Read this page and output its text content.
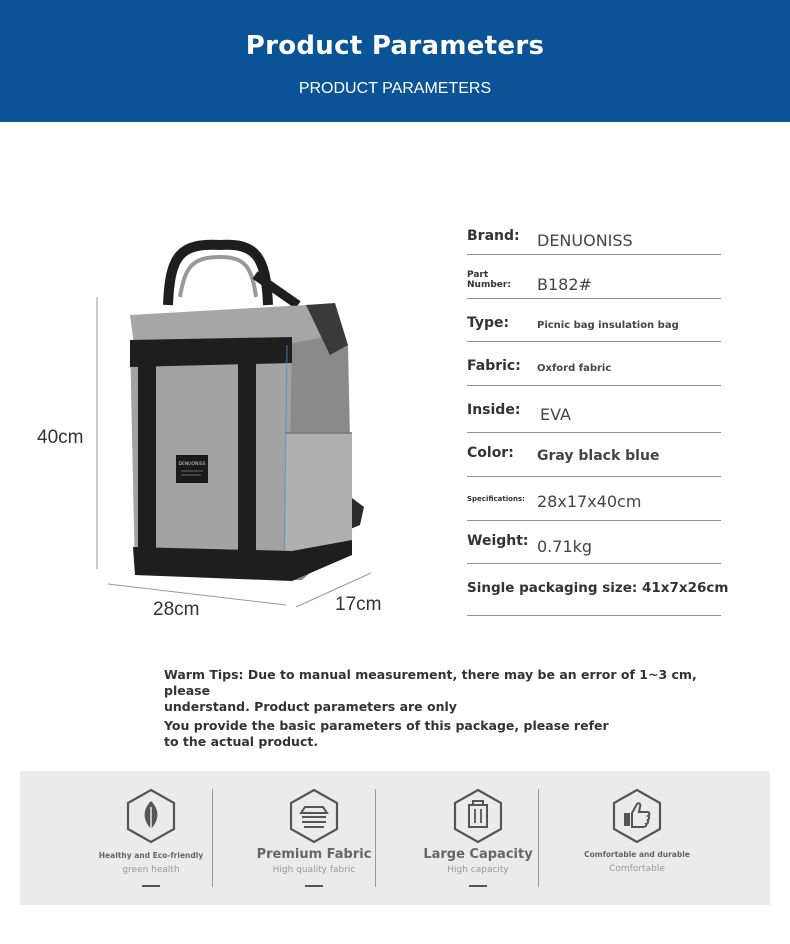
Product Parameters
PRODUCT PARAMETERS
DENUONISS
40cm
28cm	17cm
Brand: DENUONISS
Part Number: B182#
Type:	Picnic bag insulation bag
Fabric: Oxford fabric
Inside: EVA
Color: Gray black blue
Specifications: 28x17x40cm
Weight: 0.71kg
Single packaging size: 41x7x26cm

Warm Tips: Due to manual measurement, there may be an error of 1~3 cm, please

understand. Product parameters are only

You provide the basic parameters of this package, please refer

to the actual product.

Healthy and Eco-friendly
green health
Premium Fabric
High quality fabric
Large Capacity
High capacity
Comfortable and durable
Comfortable
